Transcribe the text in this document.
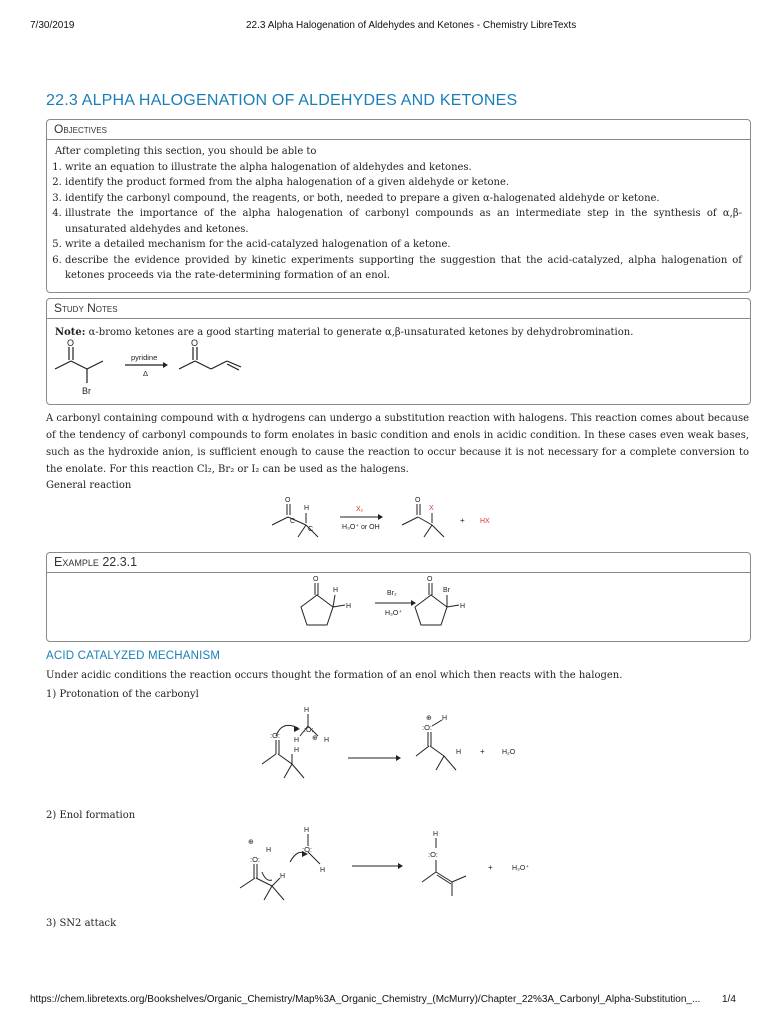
7/30/2019	22.3 Alpha Halogenation of Aldehydes and Ketones - Chemistry LibreTexts
22.3 ALPHA HALOGENATION OF ALDEHYDES AND KETONES
Objectives
After completing this section, you should be able to
1. write an equation to illustrate the alpha halogenation of aldehydes and ketones.
2. identify the product formed from the alpha halogenation of a given aldehyde or ketone.
3. identify the carbonyl compound, the reagents, or both, needed to prepare a given α-halogenated aldehyde or ketone.
4. illustrate the importance of the alpha halogenation of carbonyl compounds as an intermediate step in the synthesis of α,β-unsaturated aldehydes and ketones.
5. write a detailed mechanism for the acid-catalyzed halogenation of a ketone.
6. describe the evidence provided by kinetic experiments supporting the suggestion that the acid-catalyzed, alpha halogenation of ketones proceeds via the rate-determining formation of an enol.
Study Notes
Note: α-bromo ketones are a good starting material to generate α,β-unsaturated ketones by dehydrobromination.
O
Br
O
pyridine
Δ
A carbonyl containing compound with α hydrogens can undergo a substitution reaction with halogens. This reaction comes about because of the tendency of carbonyl compounds to form enolates in basic condition and enols in acidic condition. In these cases even weak bases, such as the hydroxide anion, is sufficient enough to cause the reaction to occur because it is not necessary for a complete conversion to the enolate. For this reaction Cl₂, Br₂ or I₂ can be used as the halogens.
General reaction
O
H
C
C
X₂
H₃O⁺ or OH
O
X
+ HX
Example 22.3.1
O
H
H
Br₂
H₃O⁺
O
Br
H
ACID CATALYZED MECHANISM
Under acidic conditions the reaction occurs thought the formation of an enol which then reacts with the halogen.
1) Protonation of the carbonyl
:O:
H
:O:
H ⊕ H
H
⊕
:O:
H
H + H₂O
2) Enol formation
⊕
:O:
H
H
H
:O:
H
H
:O:
+	H₃O⁺
3) SN2 attack
https://chem.libretexts.org/Bookshelves/Organic_Chemistry/Map%3A_Organic_Chemistry_(McMurry)/Chapter_22%3A_Carbonyl_Alpha-Substitution_...	1/4
